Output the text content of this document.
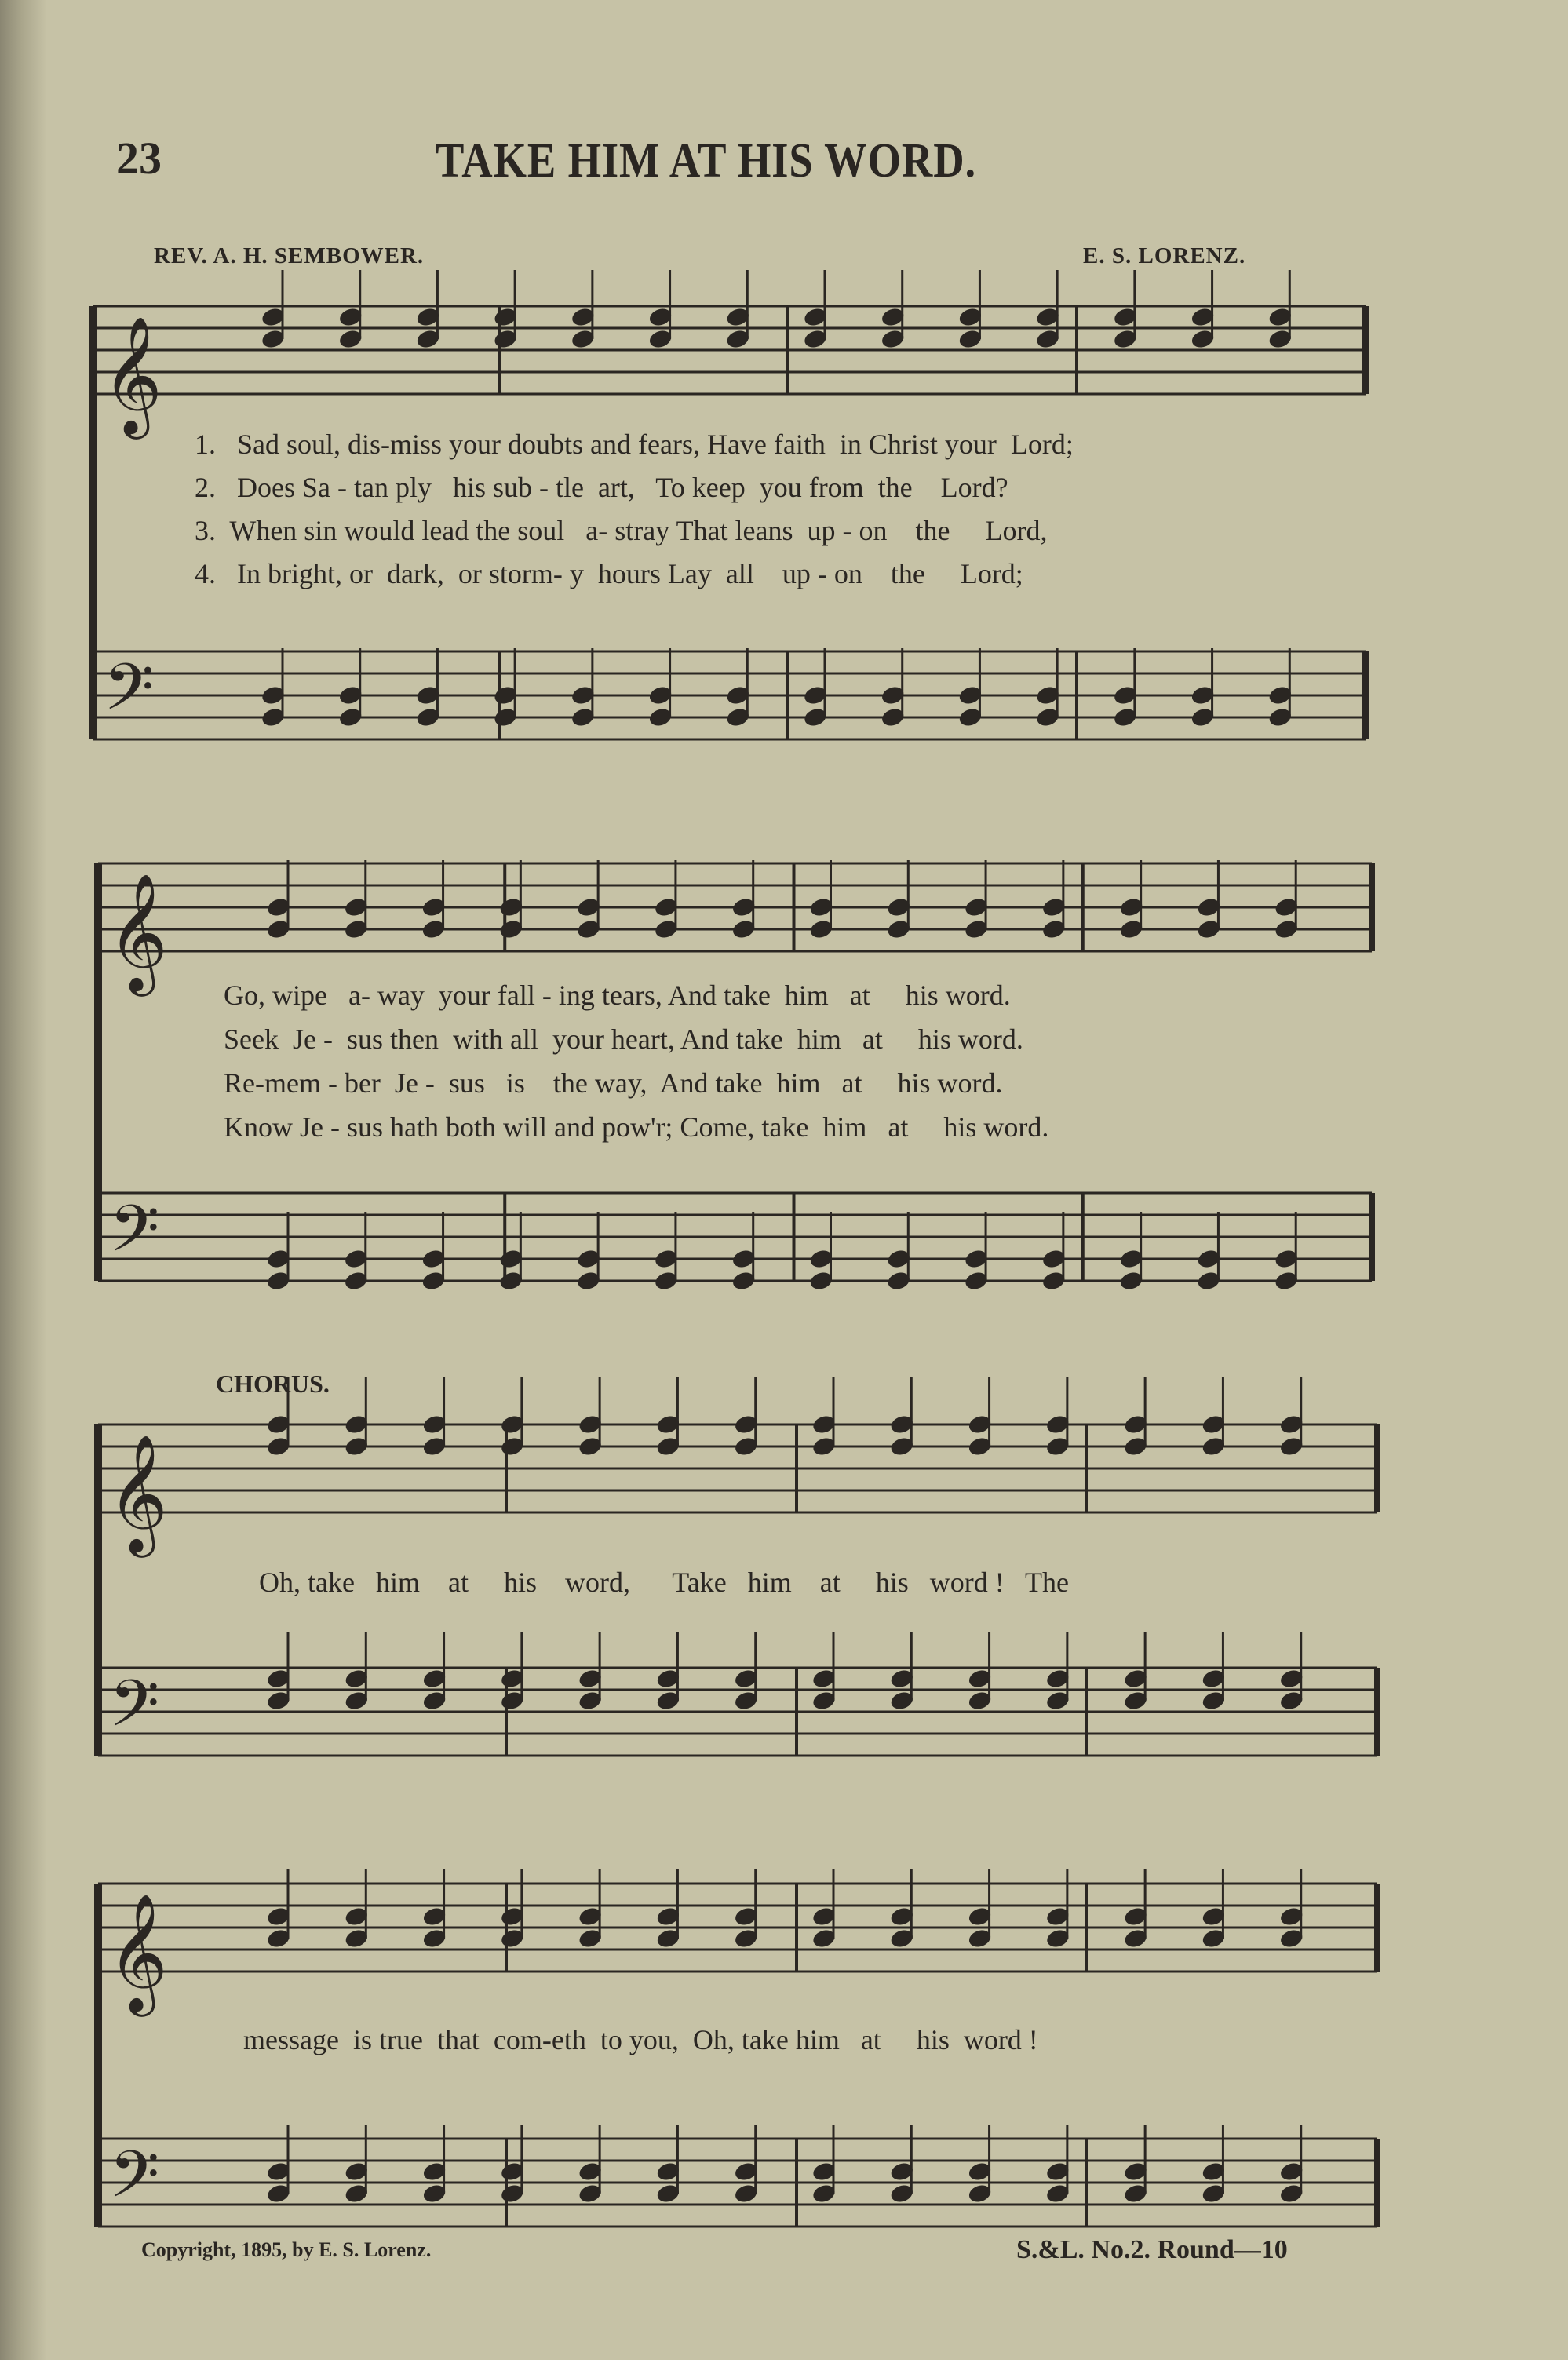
23	TAKE HIM AT HIS WORD.
REV. A. H. SEMBOWER.	E. S. LORENZ.
𝄞
𝄢
𝄞
𝄢
𝄞
𝄢
𝄞
𝄢
1.   Sad soul, dis-miss your doubts and fears, Have faith  in Christ your  Lord;
2.   Does Sa - tan ply   his sub - tle  art,   To keep  you from  the    Lord?
3.  When sin would lead the soul   a- stray That leans  up - on    the     Lord,
4.   In bright, or  dark,  or storm- y  hours Lay  all    up - on    the     Lord;
Go, wipe   a- way  your fall - ing tears, And take  him   at     his word.
Seek  Je -  sus then  with all  your heart, And take  him   at     his word.
Re-mem - ber  Je -  sus   is    the way,  And take  him   at     his word.
Know Je - sus hath both will and pow'r; Come, take  him   at     his word.
CHORUS.
Oh, take   him    at     his    word,      Take   him    at     his   word !   The
message  is true  that  com-eth  to you,  Oh, take him   at     his  word !
Copyright, 1895, by E. S. Lorenz.	S.&L. No.2. Round—10
